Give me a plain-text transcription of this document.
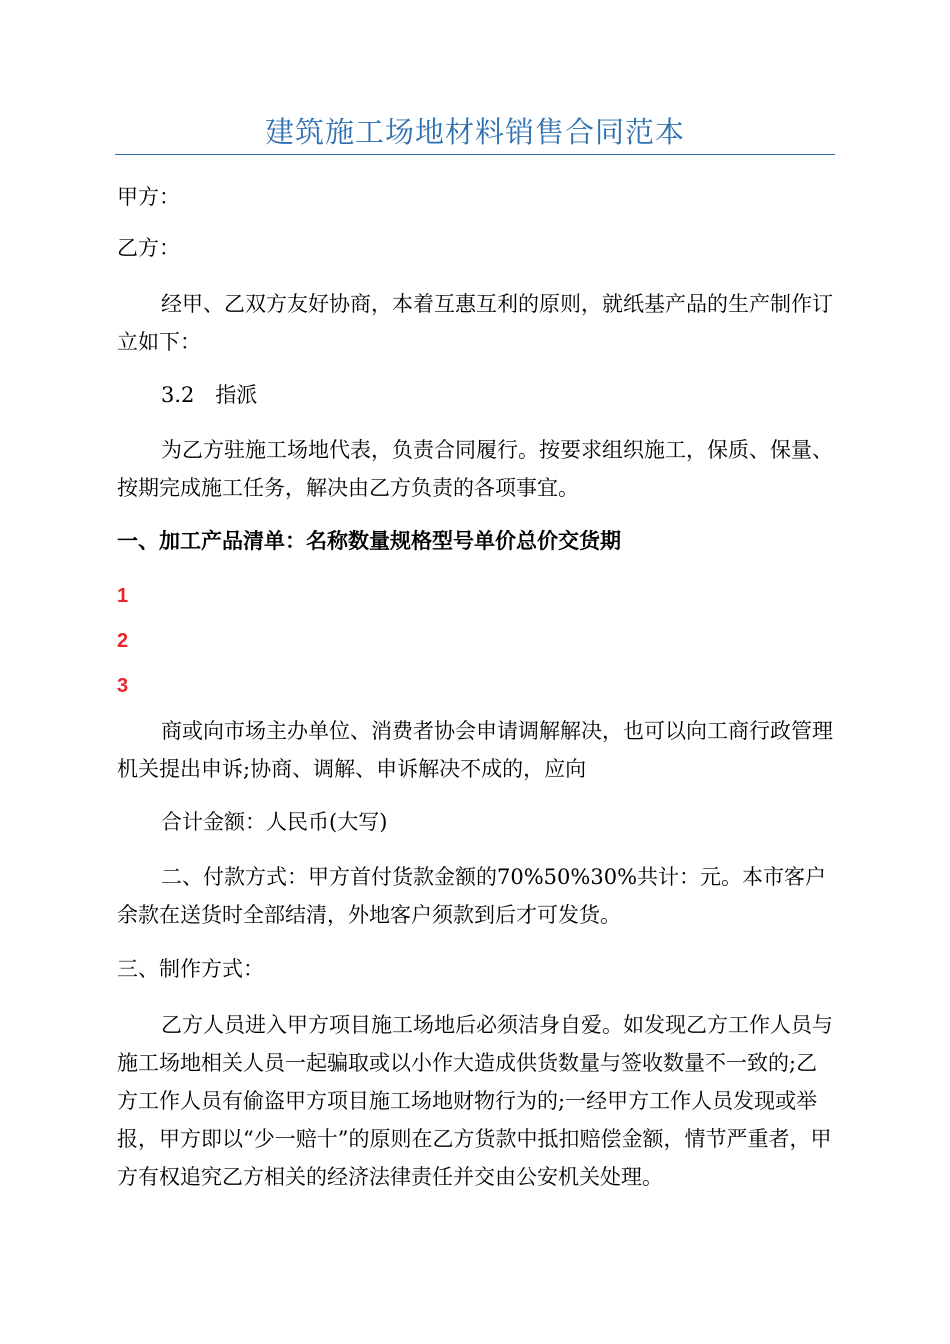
建筑施工场地材料销售合同范本

甲方：

乙方：

经甲、乙双方友好协商，本着互惠互利的原则，就纸基产品的生产制作订立如下：

3.2　指派

为乙方驻施工场地代表，负责合同履行。按要求组织施工，保质、保量、按期完成施工任务，解决由乙方负责的各项事宜。

一、加工产品清单：名称数量规格型号单价总价交货期

1
2
3

商或向市场主办单位、消费者协会申请调解解决，也可以向工商行政管理机关提出申诉;协商、调解、申诉解决不成的，应向

合计金额：人民币(大写)

二、付款方式：甲方首付货款金额的70%50%30%共计：元。本市客户余款在送货时全部结清，外地客户须款到后才可发货。

三、制作方式：

乙方人员进入甲方项目施工场地后必须洁身自爱。如发现乙方工作人员与施工场地相关人员一起骗取或以小作大造成供货数量与签收数量不一致的;乙方工作人员有偷盗甲方项目施工场地财物行为的;一经甲方工作人员发现或举报，甲方即以“少一赔十”的原则在乙方货款中抵扣赔偿金额，情节严重者，甲方有权追究乙方相关的经济法律责任并交由公安机关处理。
